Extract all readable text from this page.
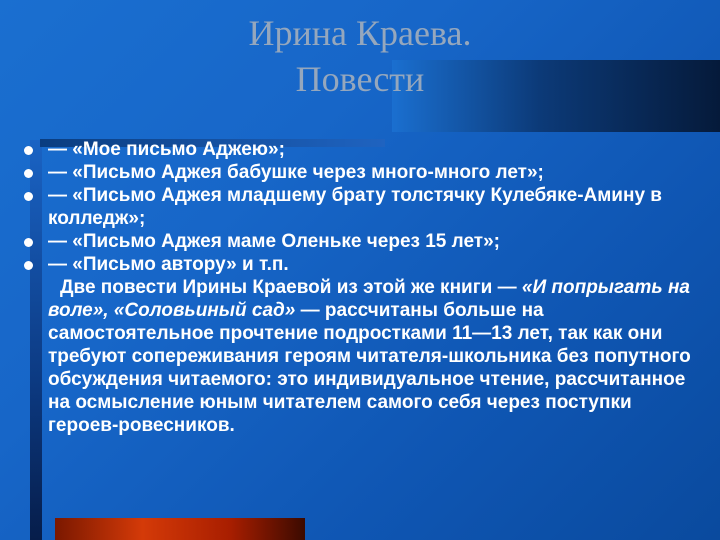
Ирина Краева.
Повести
— «Мое письмо Аджею»;
— «Письмо Аджея бабушке через много-много лет»;
— «Письмо Аджея младшему брату толстячку Кулебяке-Амину в колледж»;
— «Письмо Аджея маме Оленьке через 15 лет»;
— «Письмо автору» и т.п.

Две повести Ирины Краевой из этой же книги — «И попрыгать на воле», «Соловьиный сад» — рассчитаны больше на самостоятельное прочтение подростками 11—13 лет, так как они требуют сопереживания героям читателя-школьника без попутного обсуждения читаемого: это индивидуальное чтение, рассчитанное на осмысление юным читателем самого себя через поступки героев-ровесников.
